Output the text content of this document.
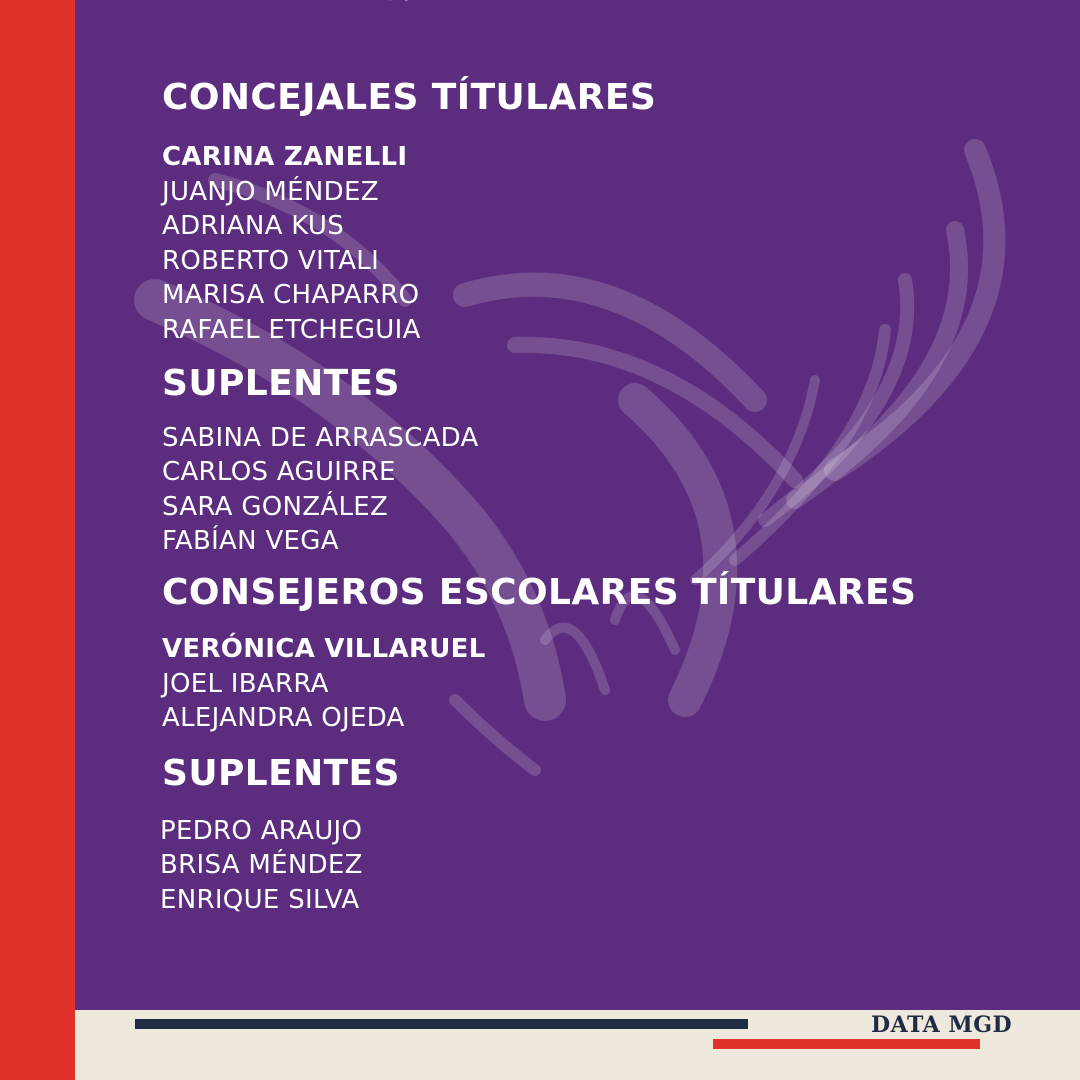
CONCEJALES TÍTULARES
CARINA ZANELLI
JUANJO MÉNDEZ
ADRIANA KUS
ROBERTO VITALI
MARISA CHAPARRO
RAFAEL ETCHEGUIA
SUPLENTES
SABINA DE ARRASCADA
CARLOS AGUIRRE
SARA GONZÁLEZ
FABÍAN VEGA
CONSEJEROS ESCOLARES TÍTULARES
VERÓNICA VILLARUEL
JOEL IBARRA
ALEJANDRA OJEDA
SUPLENTES
PEDRO ARAUJO
BRISA MÉNDEZ
ENRIQUE SILVA
DATA MGD
